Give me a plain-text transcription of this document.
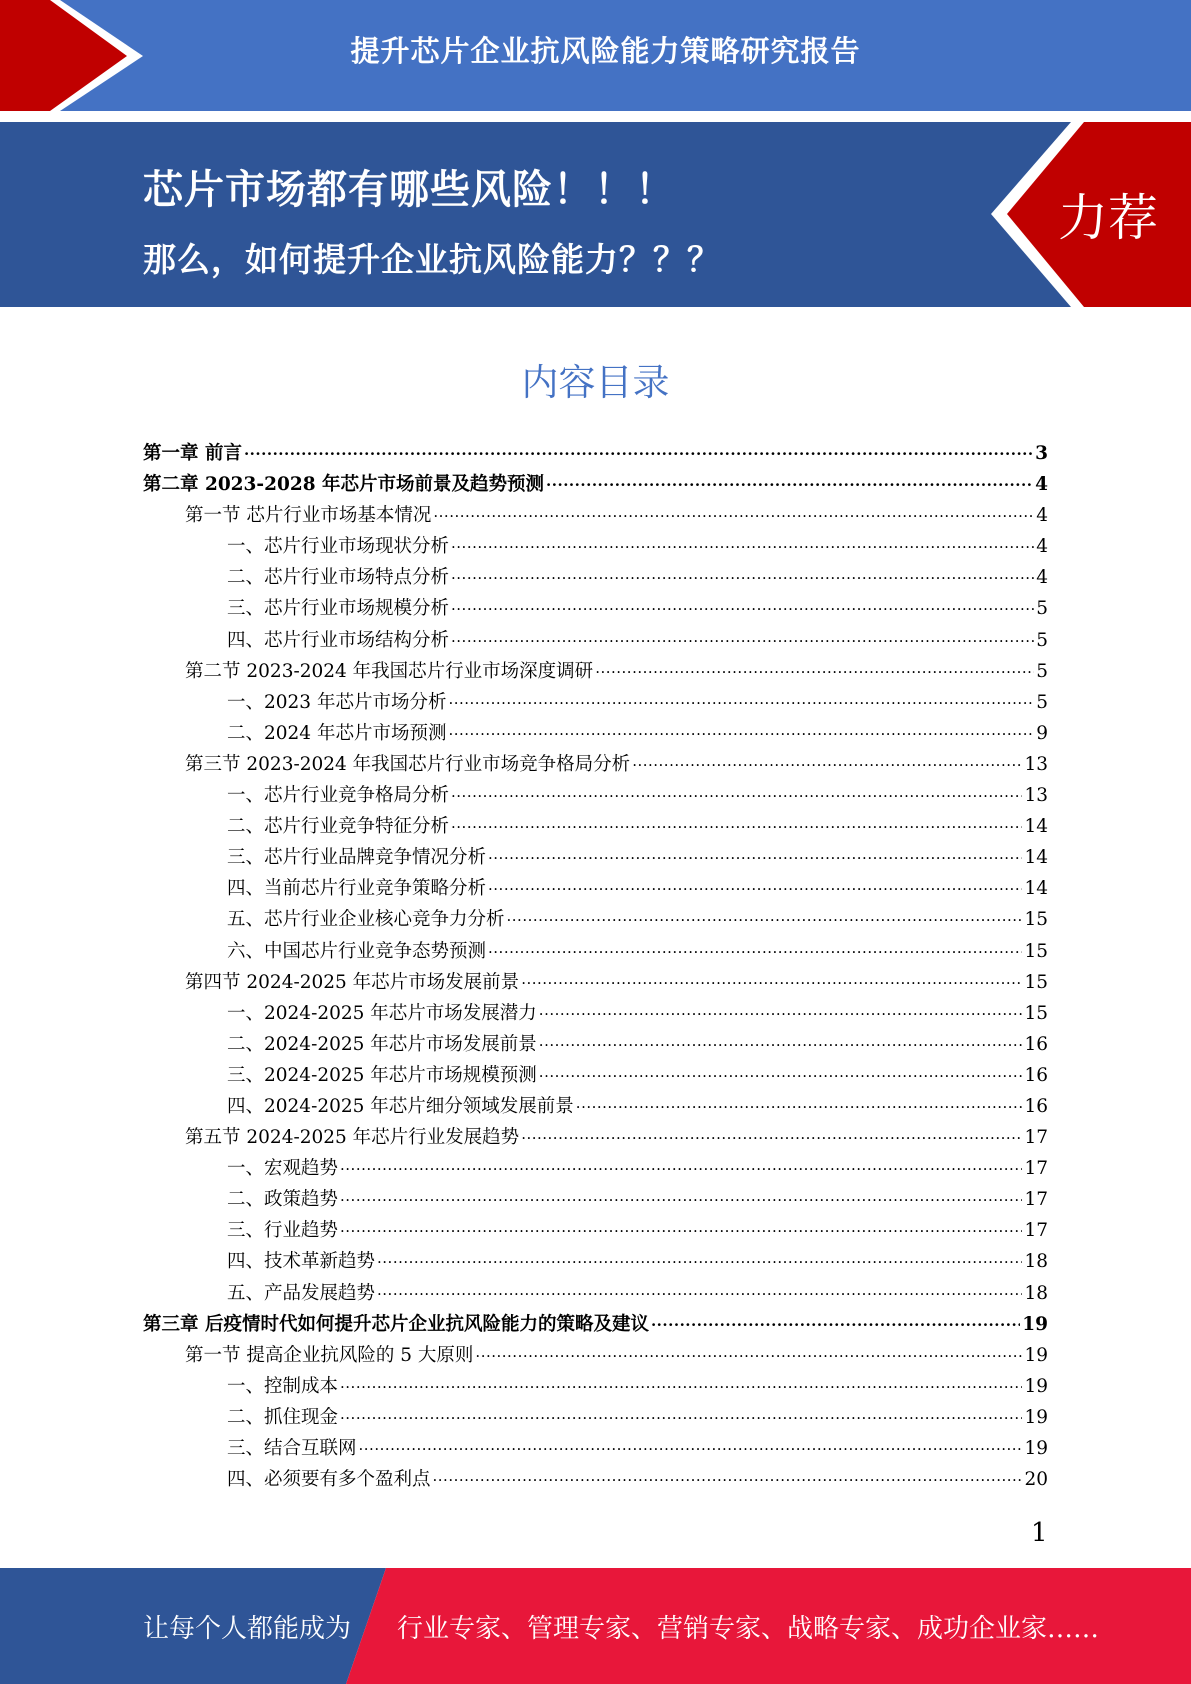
提升芯片企业抗风险能力策略研究报告
芯片市场都有哪些风险！！！
那么，如何提升企业抗风险能力？？？
力荐
内容目录
第一章 前言 .....	3
第二章 2023-2028 年芯片市场前景及趋势预测 .....	4
第一节 芯片行业市场基本情况 .....	4
一、芯片行业市场现状分析 .....	4
二、芯片行业市场特点分析 .....	4
三、芯片行业市场规模分析 .....	5
四、芯片行业市场结构分析 .....	5
第二节 2023-2024 年我国芯片行业市场深度调研 .....	5
一、2023 年芯片市场分析 .....	5
二、2024 年芯片市场预测 .....	9
第三节 2023-2024 年我国芯片行业市场竞争格局分析 .....	13
一、芯片行业竞争格局分析 .....	13
二、芯片行业竞争特征分析 .....	14
三、芯片行业品牌竞争情况分析 .....	14
四、当前芯片行业竞争策略分析 .....	14
五、芯片行业企业核心竞争力分析 .....	15
六、中国芯片行业竞争态势预测 .....	15
第四节 2024-2025 年芯片市场发展前景 .....	15
一、2024-2025 年芯片市场发展潜力 .....	15
二、2024-2025 年芯片市场发展前景 .....	16
三、2024-2025 年芯片市场规模预测 .....	16
四、2024-2025 年芯片细分领域发展前景 .....	16
第五节 2024-2025 年芯片行业发展趋势 .....	17
一、宏观趋势 .....	17
二、政策趋势 .....	17
三、行业趋势 .....	17
四、技术革新趋势 .....	18
五、产品发展趋势 .....	18
第三章 后疫情时代如何提升芯片企业抗风险能力的策略及建议 .....	19
第一节 提高企业抗风险的 5 大原则 .....	19
一、控制成本 .....	19
二、抓住现金 .....	19
三、结合互联网 .....	19
四、必须要有多个盈利点 .....	20
1
让每个人都能成为 行业专家、管理专家、营销专家、战略专家、成功企业家……
